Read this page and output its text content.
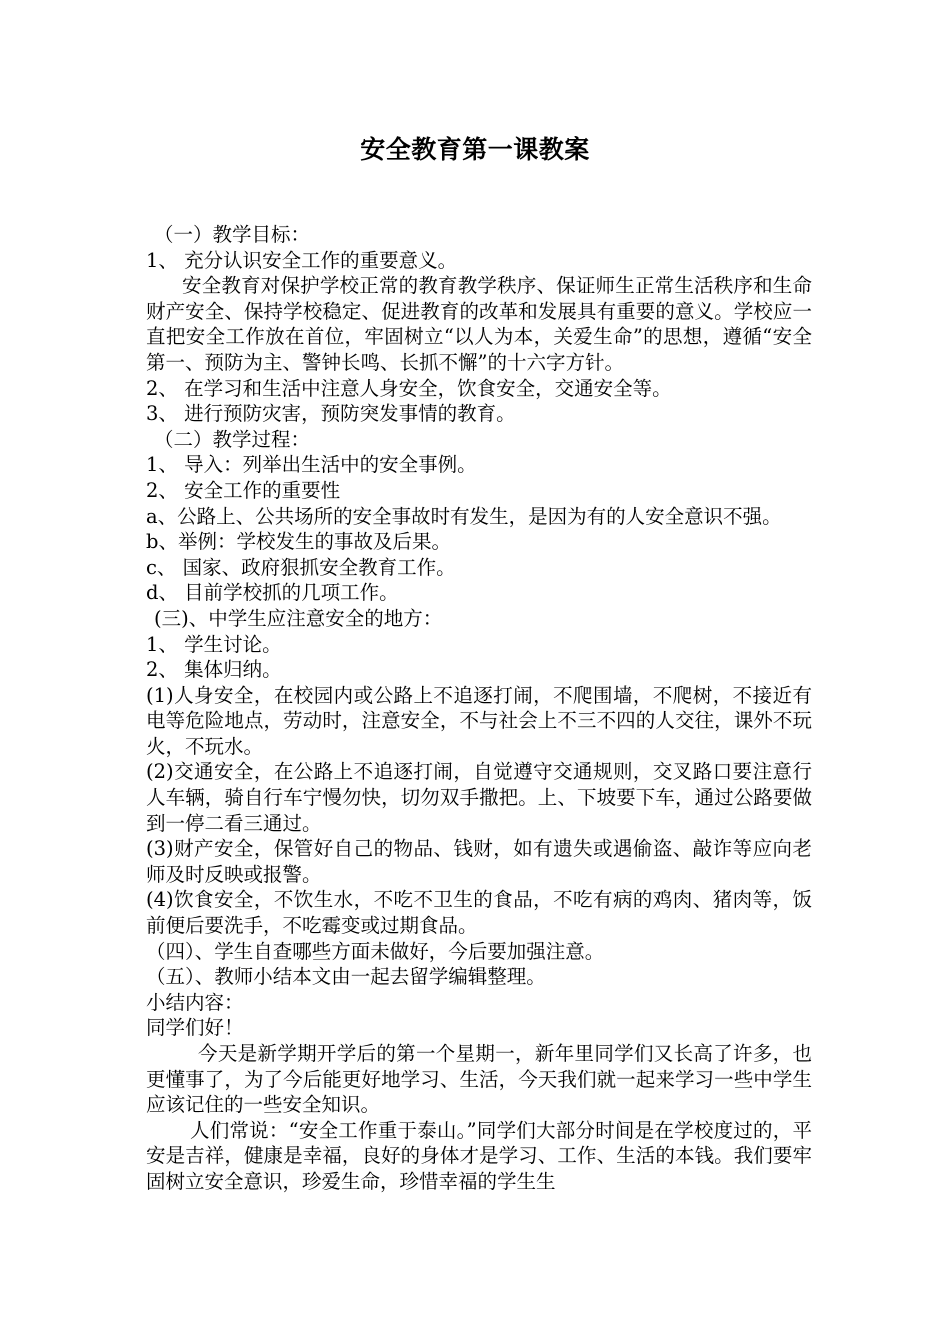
安全教育第一课教案

（一）教学目标：

1、 充分认识安全工作的重要意义。

安全教育对保护学校正常的教育教学秩序、保证师生正常生活秩序和生命财产安全、保持学校稳定、促进教育的改革和发展具有重要的意义。学校应一直把安全工作放在首位，牢固树立“以人为本，关爱生命”的思想，遵循“安全第一、预防为主、警钟长鸣、长抓不懈”的十六字方针。

2、 在学习和生活中注意人身安全，饮食安全，交通安全等。

3、 进行预防灾害，预防突发事情的教育。

（二）教学过程：

1、 导入：列举出生活中的安全事例。

2、 安全工作的重要性

a、公路上、公共场所的安全事故时有发生，是因为有的人安全意识不强。

b、举例：学校发生的事故及后果。

c、 国家、政府狠抓安全教育工作。

d、 目前学校抓的几项工作。

(三)、中学生应注意安全的地方：

1、 学生讨论。

2、 集体归纳。

(1)人身安全，在校园内或公路上不追逐打闹，不爬围墙，不爬树，不接近有电等危险地点，劳动时，注意安全，不与社会上不三不四的人交往，课外不玩火，不玩水。

(2)交通安全，在公路上不追逐打闹，自觉遵守交通规则，交叉路口要注意行人车辆，骑自行车宁慢勿快，切勿双手撒把。上、下坡要下车，通过公路要做到一停二看三通过。

(3)财产安全，保管好自己的物品、钱财，如有遗失或遇偷盗、敲诈等应向老师及时反映或报警。

(4)饮食安全，不饮生水，不吃不卫生的食品，不吃有病的鸡肉、猪肉等，饭前便后要洗手，不吃霉变或过期食品。

（四）、学生自查哪些方面未做好，今后要加强注意。

（五）、教师小结本文由一起去留学编辑整理。

小结内容：

同学们好！

今天是新学期开学后的第一个星期一，新年里同学们又长高了许多，也更懂事了，为了今后能更好地学习、生活，今天我们就一起来学习一些中学生应该记住的一些安全知识。

人们常说：“安全工作重于泰山。”同学们大部分时间是在学校度过的，平安是吉祥，健康是幸福，良好的身体才是学习、工作、生活的本钱。我们要牢固树立安全意识，珍爱生命，珍惜幸福的学生生
